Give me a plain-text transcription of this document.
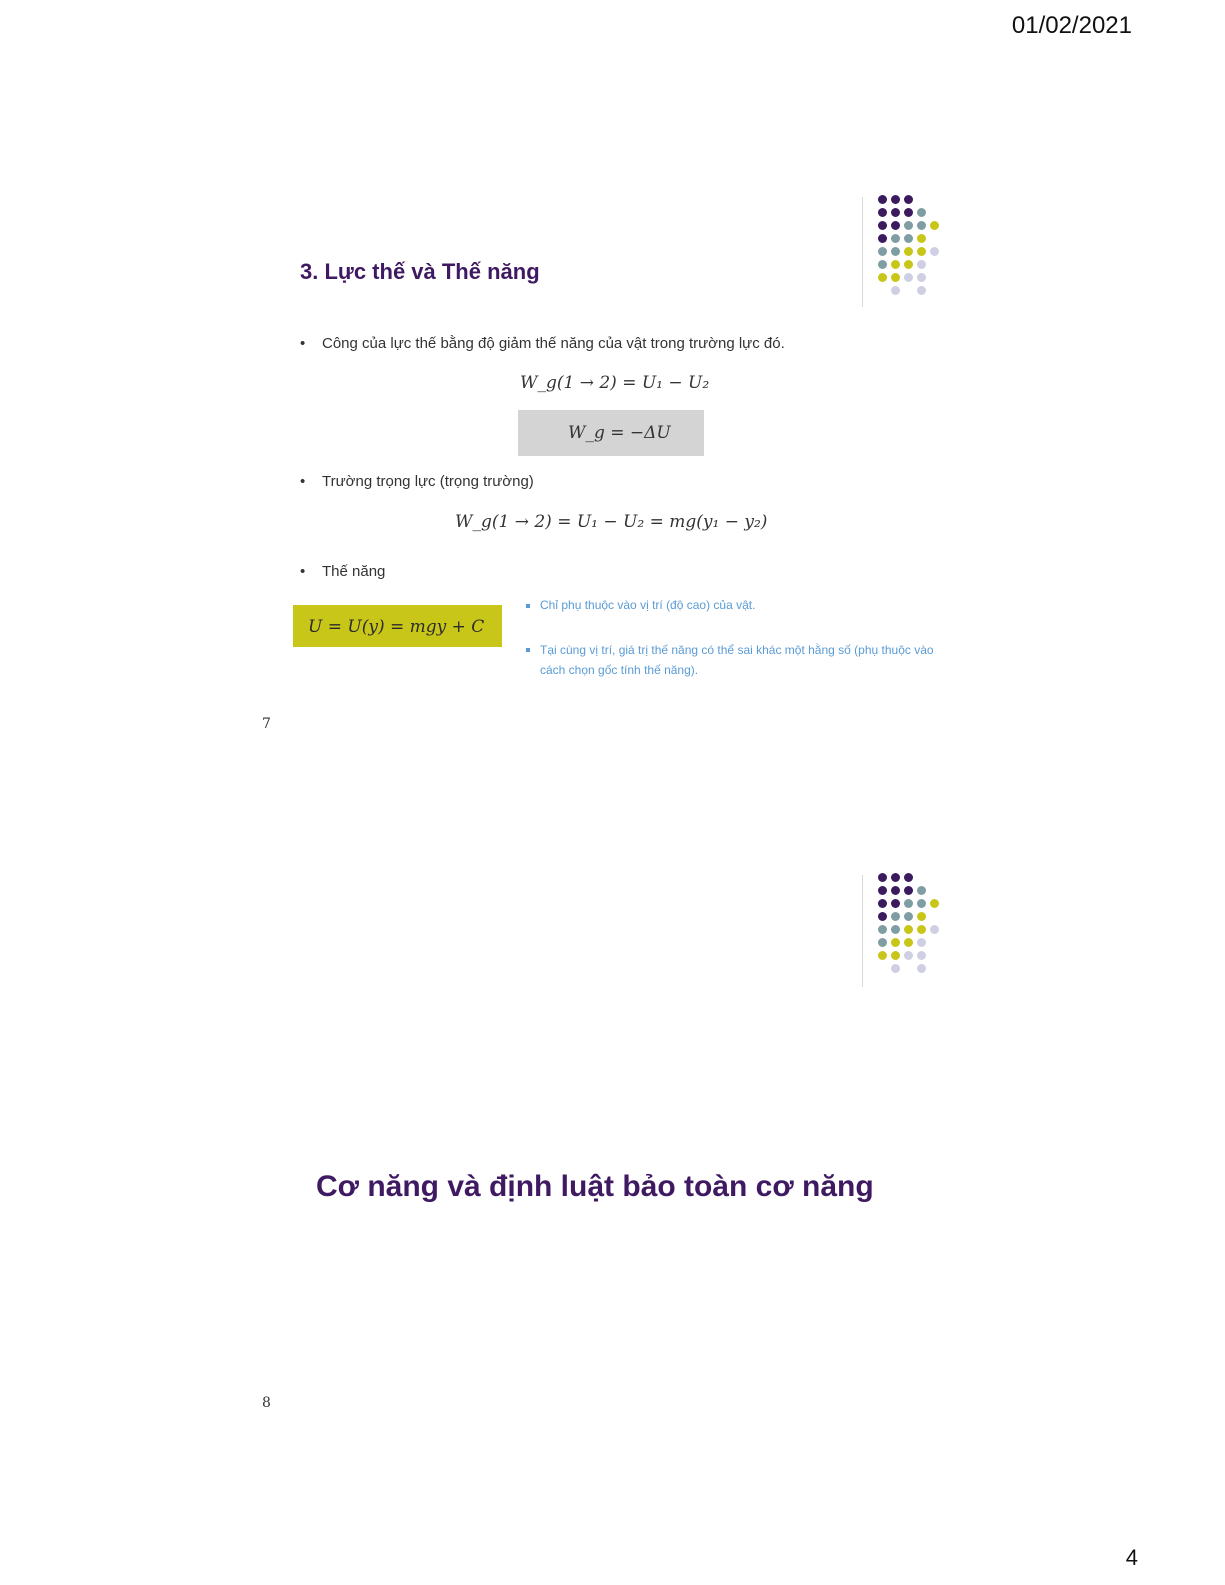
01/02/2021
3. Lực thế và Thế năng
• Công của lực thế bằng độ giảm thế năng của vật trong trường lực đó.
W_g(1 → 2) = U₁ − U₂
W_g = −ΔU
• Trường trọng lực (trọng trường)
W_g(1 → 2) = U₁ − U₂ = mg(y₁ − y₂)
• Thế năng
U = U(y) = mgy + C
Chỉ phụ thuộc vào vị trí (độ cao) của vật.
Tại cùng vị trí, giá trị thế năng có thể sai khác một hằng số (phụ thuộc vào cách chọn gốc tính thế năng).
7
Cơ năng và định luật bảo toàn cơ năng
8
4
